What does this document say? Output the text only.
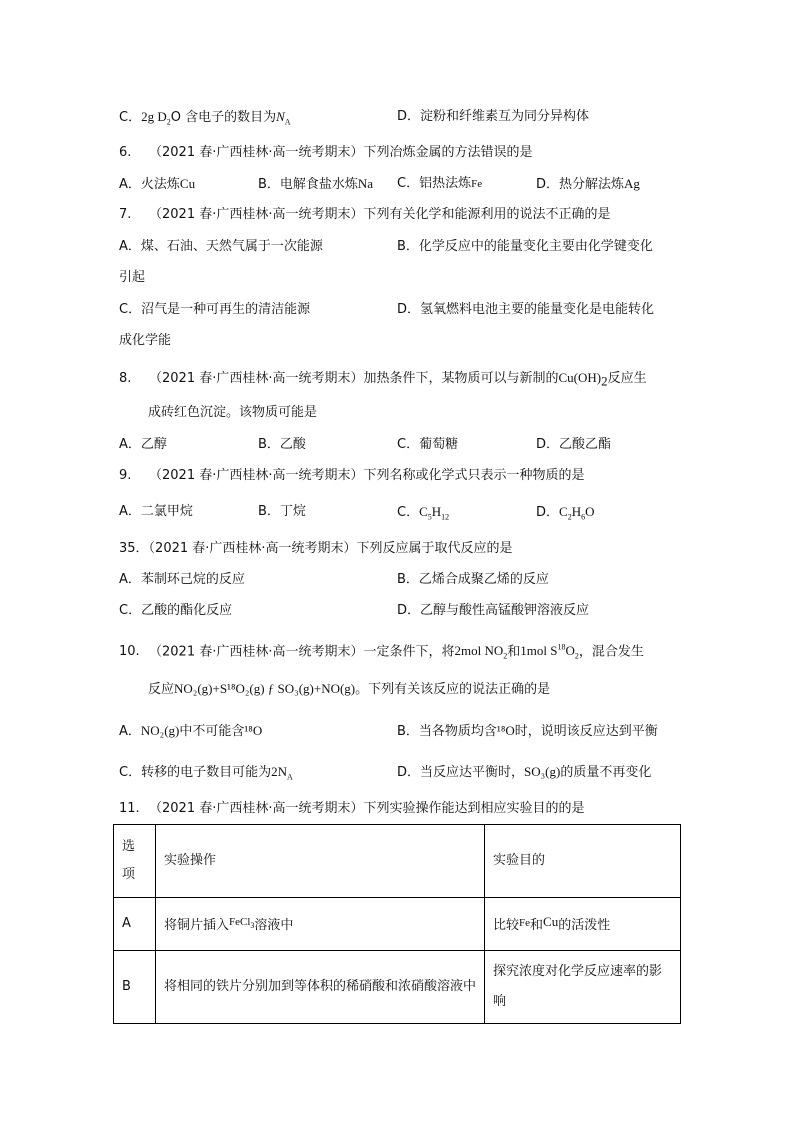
C．2g $D_2O$ 含电子的数目为$N_A$	D．淀粉和纤维素互为同分异构体
6. （2021 春·广西桂林·高一统考期末）下列冶炼金属的方法错误的是
A．火法炼Cu	B．电解食盐水炼Na C．铝热法炼Fe	D．热分解法炼Ag
7. （2021 春·广西桂林·高一统考期末）下列有关化学和能源利用的说法不正确的是
A．煤、石油、天然气属于一次能源	B．化学反应中的能量变化主要由化学键变化
引起
C．沼气是一种可再生的清洁能源	D．氢氧燃料电池主要的能量变化是电能转化
成化学能
8. （2021 春·广西桂林·高一统考期末）加热条件下，某物质可以与新制的$Cu(OH)_2$反应生
成砖红色沉淀。该物质可能是
A．乙醇	B．乙酸	C．葡萄糖	D．乙酸乙酯
9. （2021 春·广西桂林·高一统考期末）下列名称或化学式只表示一种物质的是
A．二氯甲烷	B．丁烷	C．$C_5H_{12}$	D．$C_2H_6O$
35．（2021 春·广西桂林·高一统考期末）下列反应属于取代反应的是
A．苯制环己烷的反应	B．乙烯合成聚乙烯的反应
C．乙酸的酯化反应	D．乙醇与酸性高锰酸钾溶液反应
10. （2021 春·广西桂林·高一统考期末）一定条件下，将2mol $NO_2$和1mol $S^{18}O_2$，混合发生
反应NO₂(g)+S¹⁸O₂(g) ƒ SO₃(g)+NO(g)。下列有关该反应的说法正确的是
A．NO₂(g)中不可能含¹⁸O	B．当各物质均含¹⁸O时，说明该反应达到平衡
C．转移的电子数目可能为$2N_A$	D．当反应达平衡时，SO₃(g)的质量不再变化
11. （2021 春·广西桂林·高一统考期末）下列实验操作能达到相应实验目的的是
选项	实验操作	实验目的
A	将铜片插入$^{FeCl_3}$溶液中	比较$^{Fe}$和Cu的活泼性
B	将相同的铁片分别加到等体积的稀硝酸和浓硝酸溶液中	探究浓度对化学反应速率的影响
